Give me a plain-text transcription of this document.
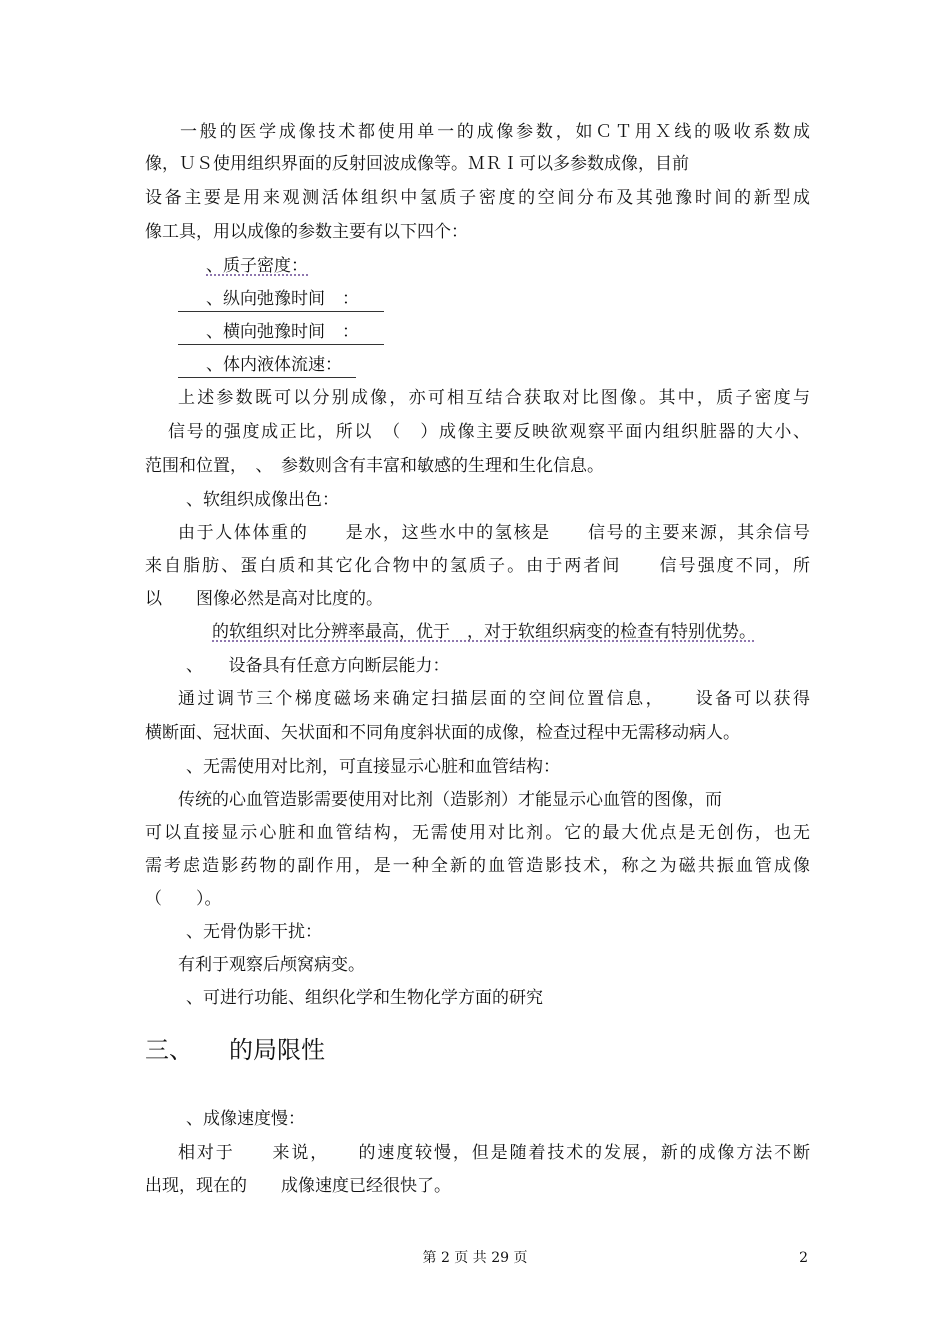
一般的医学成像技术都使用单一的成像参数，如ＣＴ用Ｘ线的吸收系数成
像，ＵＳ使用组织界面的反射回波成像等。ＭＲＩ可以多参数成像，目前
设备主要是用来观测活体组织中氢质子密度的空间分布及其弛豫时间的新型成
像工具，用以成像的参数主要有以下四个：
、质子密度：
、纵向弛豫时间　：
、横向弛豫时间　：
、体内液体流速：
上述参数既可以分别成像，亦可相互结合获取对比图像。其中，质子密度与
信号的强度成正比，所以　（　）成像主要反映欲观察平面内组织脏器的大小、
范围和位置，　、　参数则含有丰富和敏感的生理和生化信息。
、软组织成像出色：
由于人体体重的　　是水，这些水中的氢核是　　信号的主要来源，其余信号
来自脂肪、蛋白质和其它化合物中的氢质子。由于两者间　　信号强度不同，所
以　　图像必然是高对比度的。
的软组织对比分辨率最高，优于　，对于软组织病变的检查有特别优势。
、　　设备具有任意方向断层能力：
通过调节三个梯度磁场来确定扫描层面的空间位置信息，　　设备可以获得
横断面、冠状面、矢状面和不同角度斜状面的成像，检查过程中无需移动病人。
、无需使用对比剂，可直接显示心脏和血管结构：
传统的心血管造影需要使用对比剂（造影剂）才能显示心血管的图像，而
可以直接显示心脏和血管结构，无需使用对比剂。它的最大优点是无创伤，也无
需考虑造影药物的副作用，是一种全新的血管造影技术，称之为磁共振血管成像
（　　）。
、无骨伪影干扰：
有利于观察后颅窝病变。
、可进行功能、组织化学和生物化学方面的研究
三、　　的局限性
、成像速度慢：
相对于　　来说，　　的速度较慢，但是随着技术的发展，新的成像方法不断
出现，现在的　　成像速度已经很快了。
第 2 页 共 29 页	2
